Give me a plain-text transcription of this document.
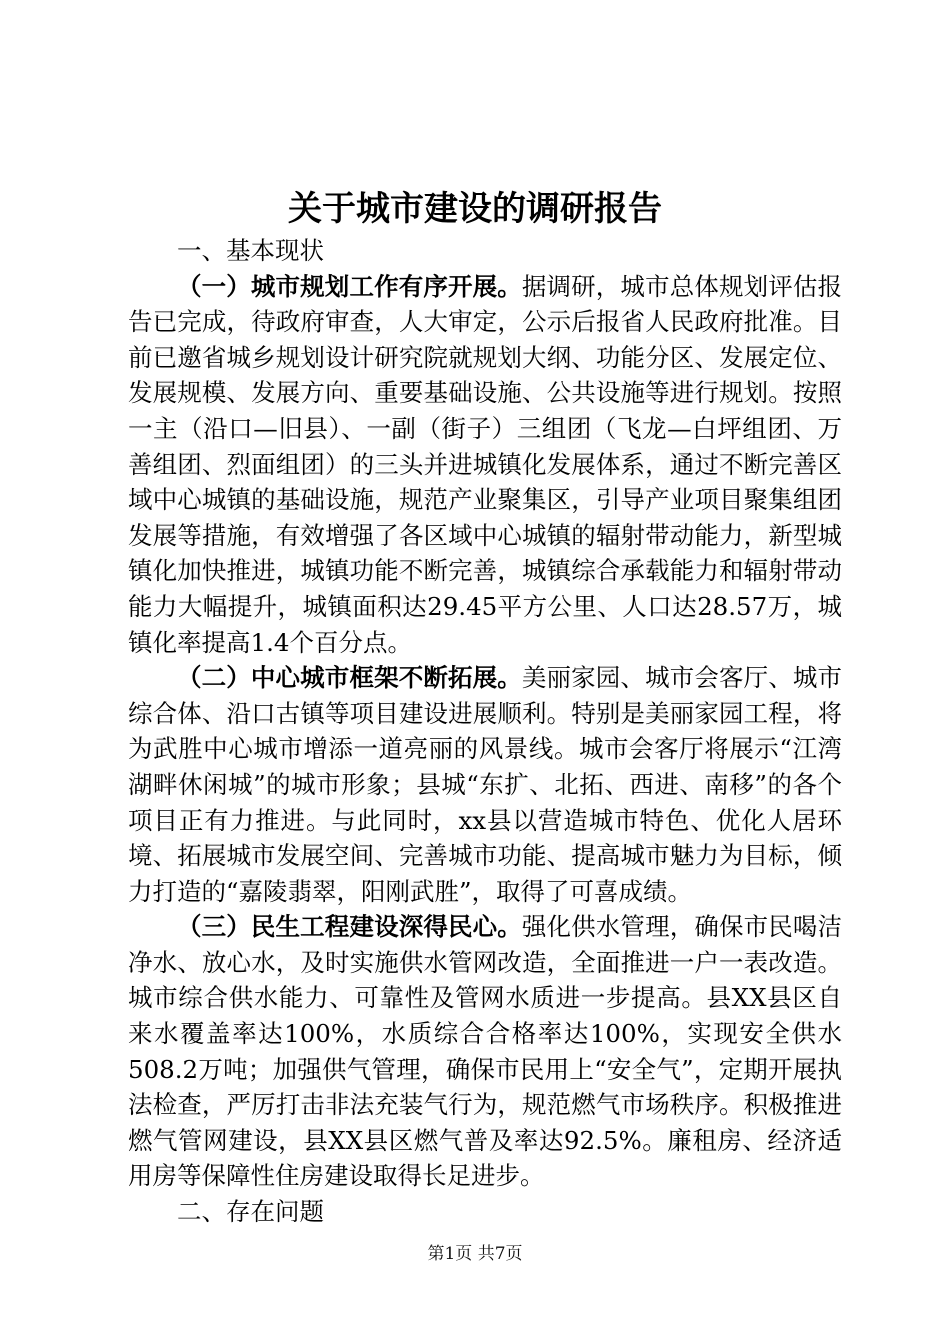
关于城市建设的调研报告
一、基本现状

（一）城市规划工作有序开展。据调研，城市总体规划评估报告已完成，待政府审查，人大审定，公示后报省人民政府批准。目前已邀省城乡规划设计研究院就规划大纲、功能分区、发展定位、发展规模、发展方向、重要基础设施、公共设施等进行规划。按照一主（沿口—旧县）、一副（街子）三组团（飞龙—白坪组团、万善组团、烈面组团）的三头并进城镇化发展体系，通过不断完善区域中心城镇的基础设施，规范产业聚集区，引导产业项目聚集组团发展等措施，有效增强了各区域中心城镇的辐射带动能力，新型城镇化加快推进，城镇功能不断完善，城镇综合承载能力和辐射带动能力大幅提升，城镇面积达29.45平方公里、人口达28.57万，城镇化率提高1.4个百分点。

（二）中心城市框架不断拓展。美丽家园、城市会客厅、城市综合体、沿口古镇等项目建设进展顺利。特别是美丽家园工程，将为武胜中心城市增添一道亮丽的风景线。城市会客厅将展示“江湾湖畔休闲城”的城市形象；县城“东扩、北拓、西进、南移”的各个项目正有力推进。与此同时，xx县以营造城市特色、优化人居环境、拓展城市发展空间、完善城市功能、提高城市魅力为目标，倾力打造的“嘉陵翡翠，阳刚武胜”，取得了可喜成绩。

（三）民生工程建设深得民心。强化供水管理，确保市民喝洁净水、放心水，及时实施供水管网改造，全面推进一户一表改造。城市综合供水能力、可靠性及管网水质进一步提高。县XX县区自来水覆盖率达100%，水质综合合格率达100%，实现安全供水508.2万吨；加强供气管理，确保市民用上“安全气”，定期开展执法检查，严厉打击非法充装气行为，规范燃气市场秩序。积极推进燃气管网建设，县XX县区燃气普及率达92.5%。廉租房、经济适用房等保障性住房建设取得长足进步。

二、存在问题
第1页 共7页
